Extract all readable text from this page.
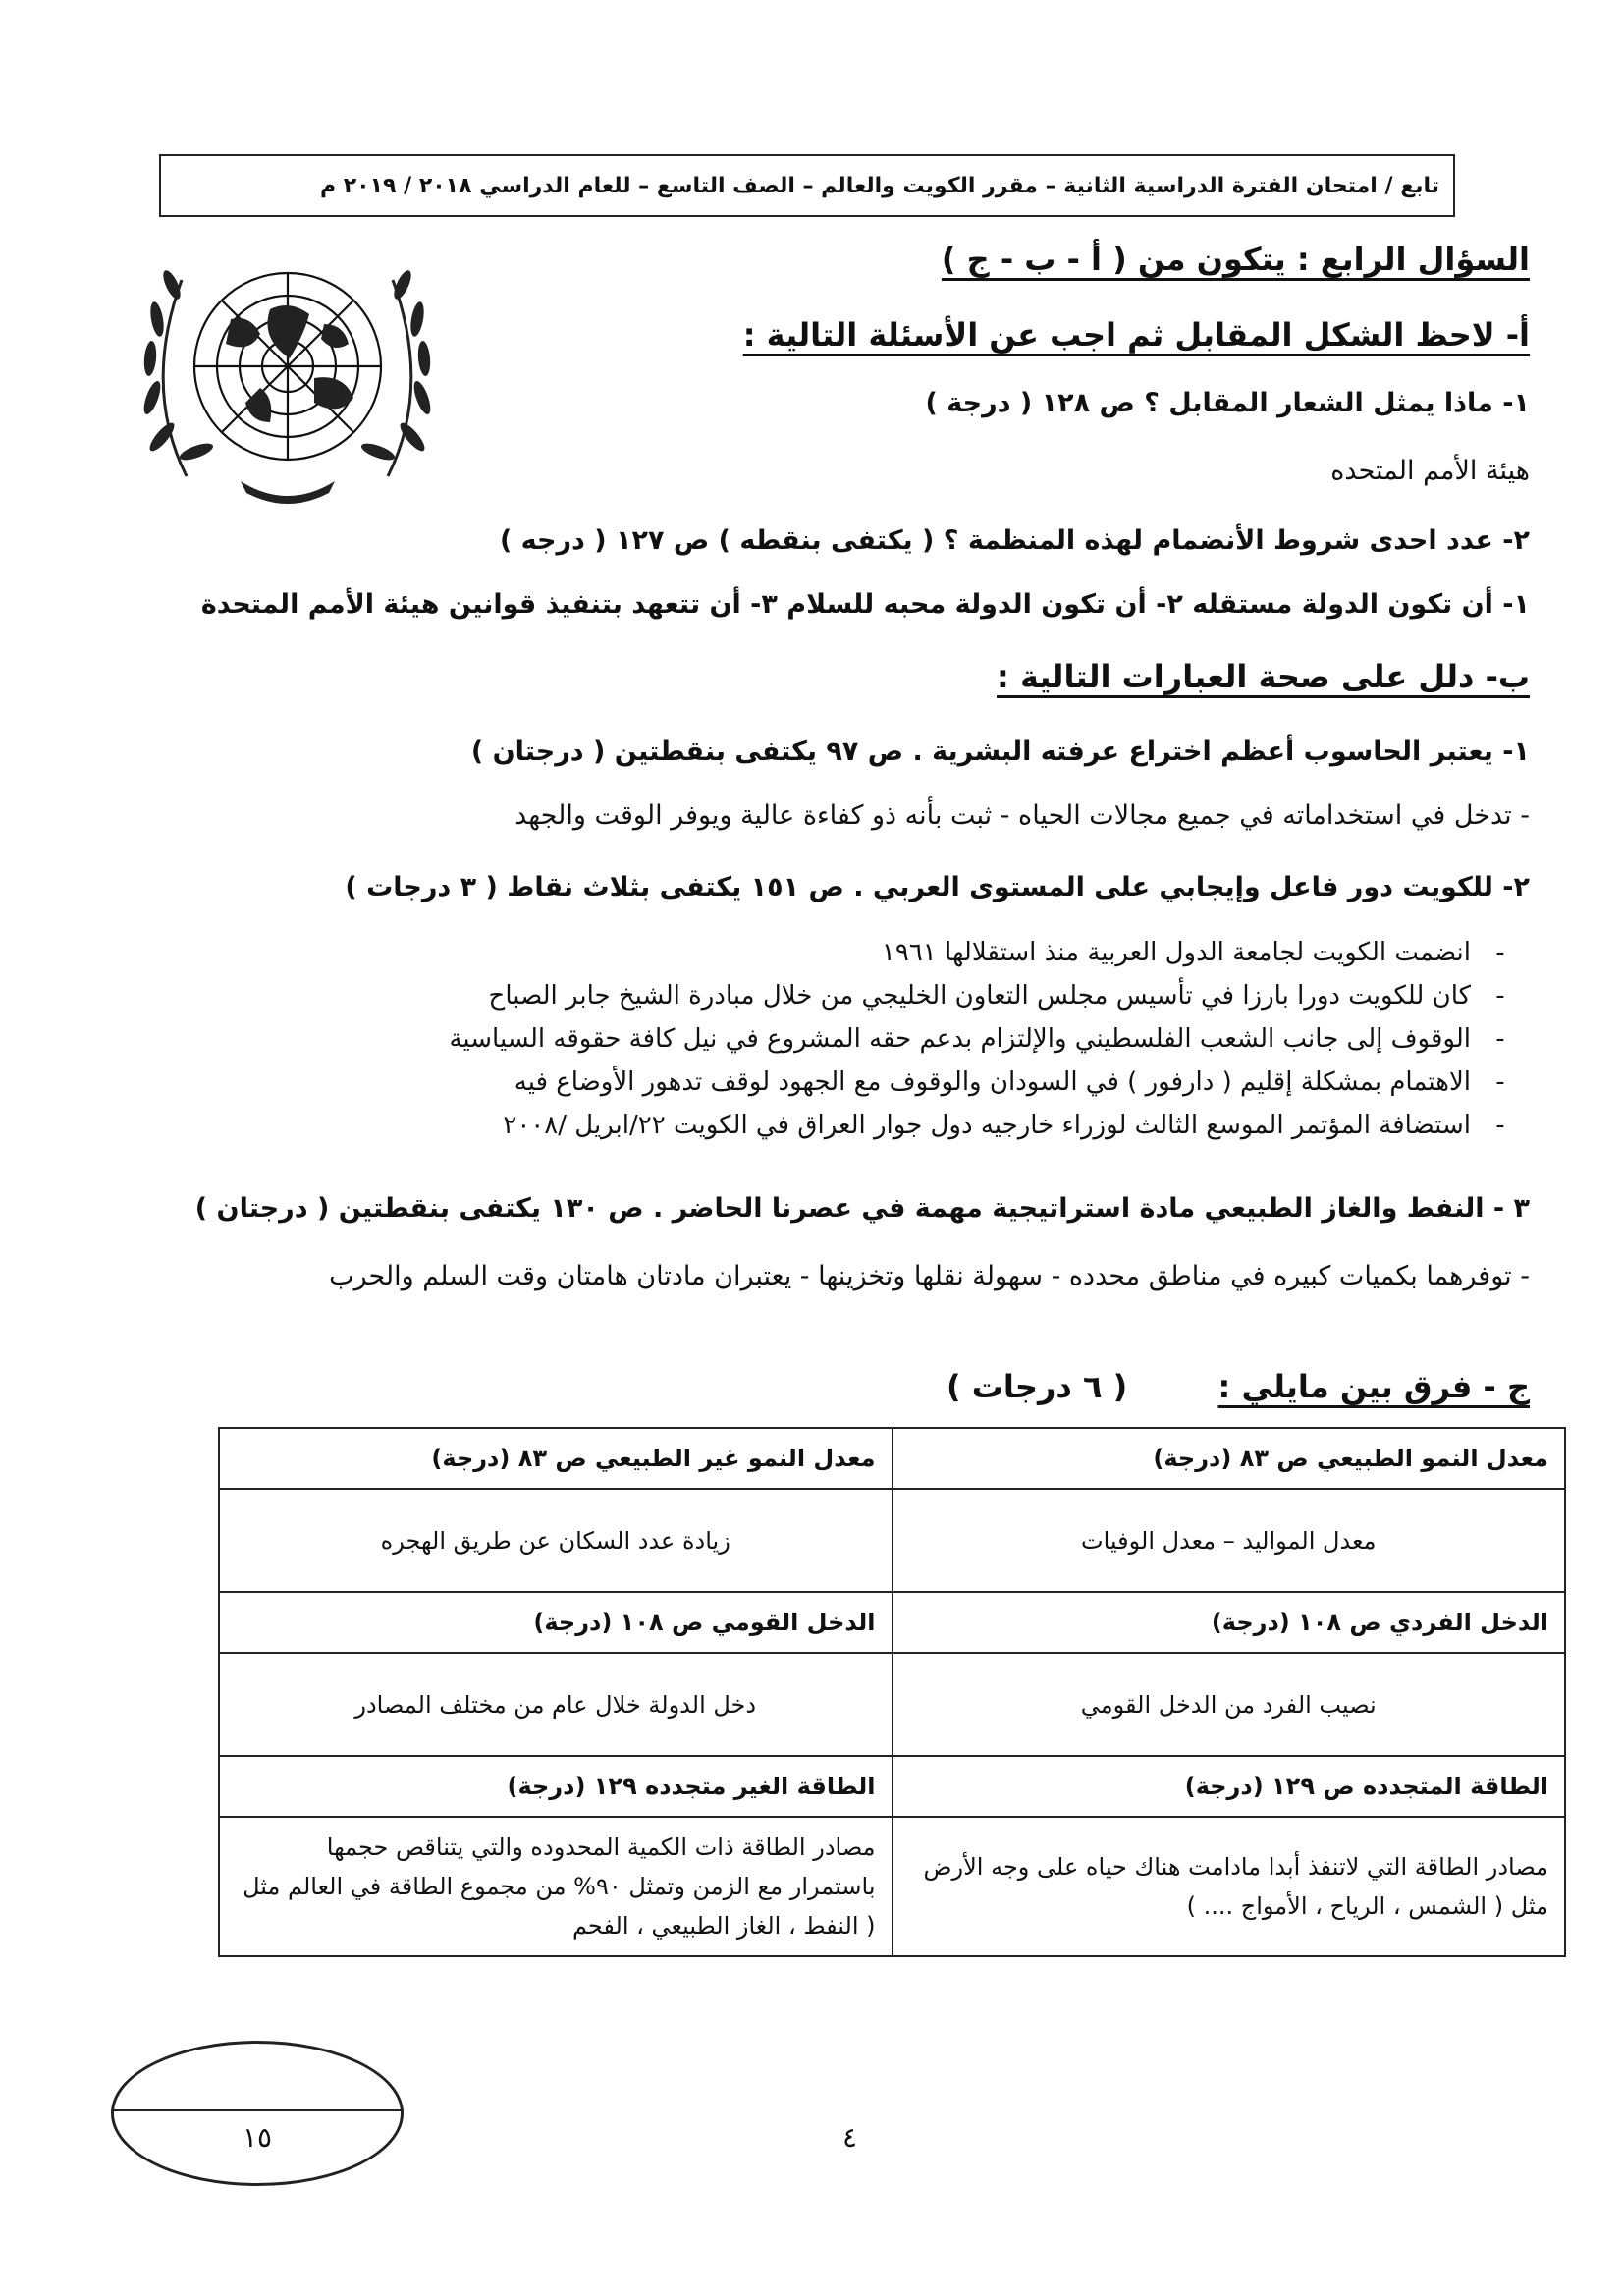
تابع / امتحان الفترة الدراسية الثانية – مقرر الكويت والعالم – الصف التاسع – للعام الدراسي ٢٠١٨ / ٢٠١٩ م
السؤال الرابع : يتكون من ( أ - ب - ج )
أ- لاحظ الشكل المقابل ثم اجب عن الأسئلة التالية :
١- ماذا يمثل الشعار المقابل ؟ ص ١٢٨ ( درجة )
هيئة الأمم المتحده
٢- عدد احدى شروط الأنضمام لهذه المنظمة ؟ ( يكتفى بنقطه ) ص ١٢٧ ( درجه )
١- أن تكون الدولة مستقله ٢- أن تكون الدولة محبه للسلام ٣- أن تتعهد بتنفيذ قوانين هيئة الأمم المتحدة
ب- دلل على صحة العبارات التالية :
١- يعتبر الحاسوب أعظم اختراع عرفته البشرية . ص ٩٧ يكتفى بنقطتين ( درجتان )
- تدخل في استخداماته في جميع مجالات الحياه - ثبت بأنه ذو كفاءة عالية ويوفر الوقت والجهد
٢- للكويت دور فاعل وإيجابي على المستوى العربي . ص ١٥١ يكتفى بثلاث نقاط ( ٣ درجات )
- انضمت الكويت لجامعة الدول العربية منذ استقلالها ١٩٦١
- كان للكويت دورا بارزا في تأسيس مجلس التعاون الخليجي من خلال مبادرة الشيخ جابر الصباح
- الوقوف إلى جانب الشعب الفلسطيني والإلتزام بدعم حقه المشروع في نيل كافة حقوقه السياسية
- الاهتمام بمشكلة إقليم ( دارفور ) في السودان والوقوف مع الجهود لوقف تدهور الأوضاع فيه
- استضافة المؤتمر الموسع الثالث لوزراء خارجيه دول جوار العراق في الكويت ٢٢/ابريل /٢٠٠٨
٣ - النفط والغاز الطبيعي مادة استراتيجية مهمة في عصرنا الحاضر . ص ١٣٠ يكتفى بنقطتين ( درجتان )
- توفرهما بكميات كبيره في مناطق محدده - سهولة نقلها وتخزينها - يعتبران مادتان هامتان وقت السلم والحرب
ج - فرق بين مايلي :  ( ٦ درجات )
معدل النمو الطبيعي ص ٨٣ (درجة)	معدل النمو غير الطبيعي ص ٨٣ (درجة)
معدل المواليد – معدل الوفيات	زيادة عدد السكان عن طريق الهجره
الدخل الفردي ص ١٠٨ (درجة)	الدخل القومي ص ١٠٨ (درجة)
نصيب الفرد من الدخل القومي	دخل الدولة خلال عام من مختلف المصادر
الطاقة المتجدده ص ١٢٩ (درجة)	الطاقة الغير متجدده ١٢٩ (درجة)
مصادر الطاقة التي لاتنفذ أبدا مادامت هناك حياه على وجه الأرض مثل ( الشمس ، الرياح ، الأمواج .... )	مصادر الطاقة ذات الكمية المحدوده والتي يتناقص حجمها باستمرار مع الزمن وتمثل ٩٠% من مجموع الطاقة في العالم مثل ( النفط ، الغاز الطبيعي ، الفحم
١٥	٤
